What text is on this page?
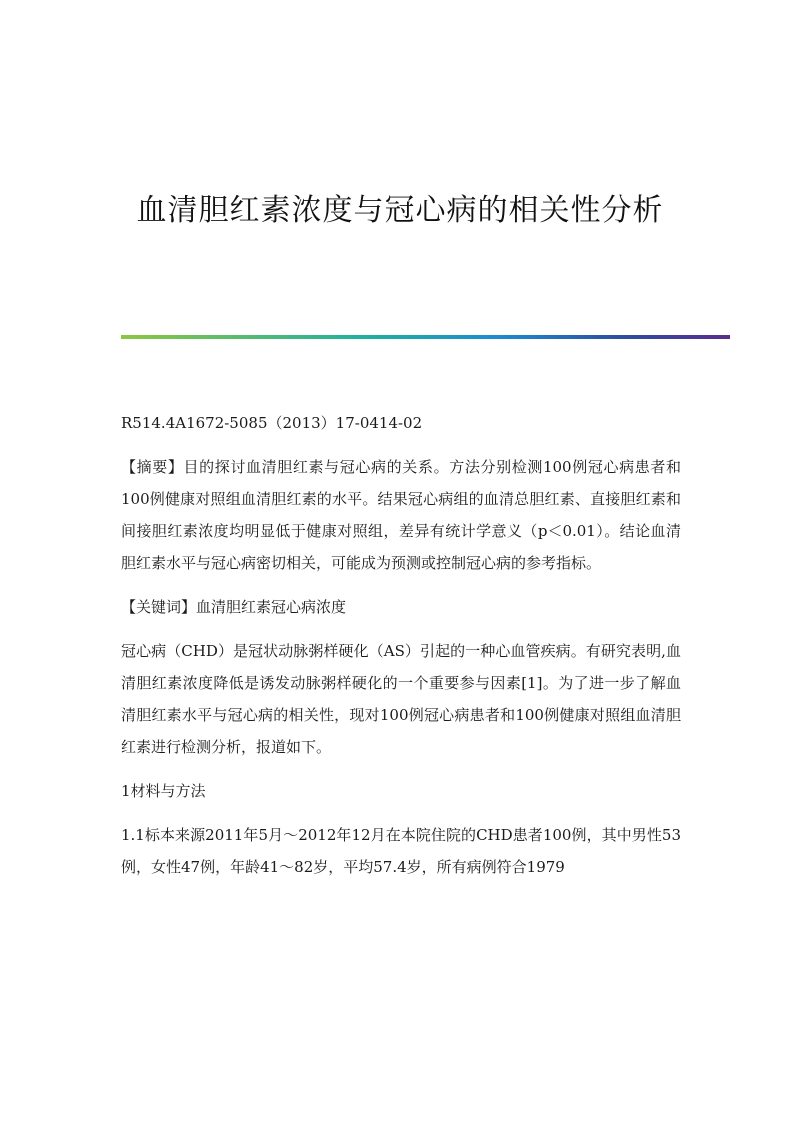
血清胆红素浓度与冠心病的相关性分析

R514.4A1672-5085（2013）17-0414-02

【摘要】目的探讨血清胆红素与冠心病的关系。方法分别检测100例冠心病患者和100例健康对照组血清胆红素的水平。结果冠心病组的血清总胆红素、直接胆红素和间接胆红素浓度均明显低于健康对照组，差异有统计学意义（p＜0.01）。结论血清胆红素水平与冠心病密切相关，可能成为预测或控制冠心病的参考指标。

【关键词】血清胆红素冠心病浓度

冠心病（CHD）是冠状动脉粥样硬化（AS）引起的一种心血管疾病。有研究表明,血清胆红素浓度降低是诱发动脉粥样硬化的一个重要参与因素[1]。为了进一步了解血清胆红素水平与冠心病的相关性，现对100例冠心病患者和100例健康对照组血清胆红素进行检测分析，报道如下。

1材料与方法

1.1标本来源2011年5月～2012年12月在本院住院的CHD患者100例，其中男性53例，女性47例，年龄41～82岁，平均57.4岁，所有病例符合1979
